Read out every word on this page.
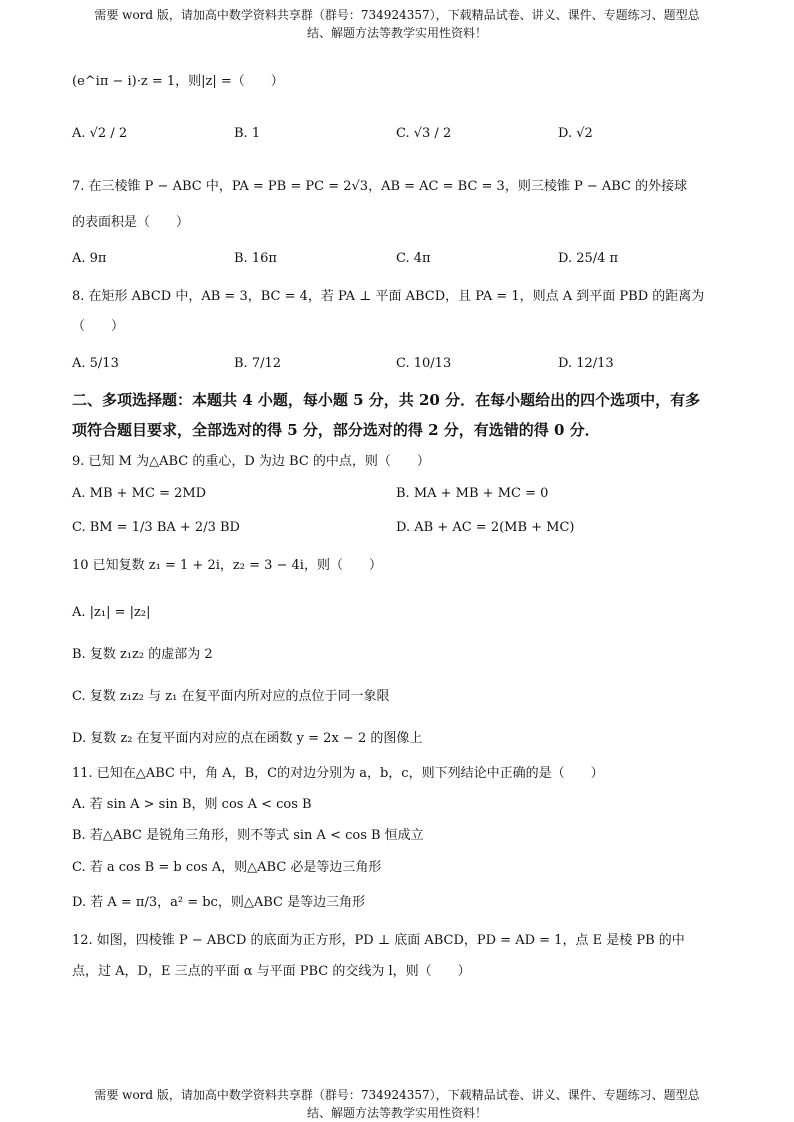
需要 word 版，请加高中数学资料共享群（群号：734924357），下载精品试卷、讲义、课件、专题练习、题型总
结、解题方法等教学实用性资料！
(e^iπ − i)·z = 1，则|z| =（　　）
A. √2 / 2	B. 1	C. √3 / 2	D. √2
7. 在三棱锥 P − ABC 中，PA = PB = PC = 2√3，AB = AC = BC = 3，则三棱锥 P − ABC 的外接球
的表面积是（　　）
A. 9π	B. 16π	C. 4π	D. 25/4 π
8. 在矩形 ABCD 中，AB = 3，BC = 4，若 PA ⊥ 平面 ABCD，且 PA = 1，则点 A 到平面 PBD 的距离为
（　　）
A. 5/13	B. 7/12	C. 10/13	D. 12/13
二、多项选择题：本题共 4 小题，每小题 5 分，共 20 分．在每小题给出的四个选项中，有多
项符合题目要求，全部选对的得 5 分，部分选对的得 2 分，有选错的得 0 分．
9. 已知 M 为△ABC 的重心，D 为边 BC 的中点，则（　　）
A. MB + MC = 2MD	B. MA + MB + MC = 0
C. BM = 1/3 BA + 2/3 BD	D. AB + AC = 2(MB + MC)
10 已知复数 z₁ = 1 + 2i，z₂ = 3 − 4i，则（　　）
A. |z₁| = |z₂|
B. 复数 z₁z₂ 的虚部为 2
C. 复数 z₁z₂ 与 z₁ 在复平面内所对应的点位于同一象限
D. 复数 z₂ 在复平面内对应的点在函数 y = 2x − 2 的图像上
11. 已知在△ABC 中，角 A，B，C的对边分别为 a，b，c，则下列结论中正确的是（　　）
A. 若 sin A > sin B，则 cos A < cos B
B. 若△ABC 是锐角三角形，则不等式 sin A < cos B 恒成立
C. 若 a cos B = b cos A，则△ABC 必是等边三角形
D. 若 A = π/3，a² = bc，则△ABC 是等边三角形
12. 如图，四棱锥 P − ABCD 的底面为正方形，PD ⊥ 底面 ABCD，PD = AD = 1，点 E 是棱 PB 的中
点，过 A，D，E 三点的平面 α 与平面 PBC 的交线为 l，则（　　）
需要 word 版，请加高中数学资料共享群（群号：734924357），下载精品试卷、讲义、课件、专题练习、题型总
结、解题方法等教学实用性资料！
